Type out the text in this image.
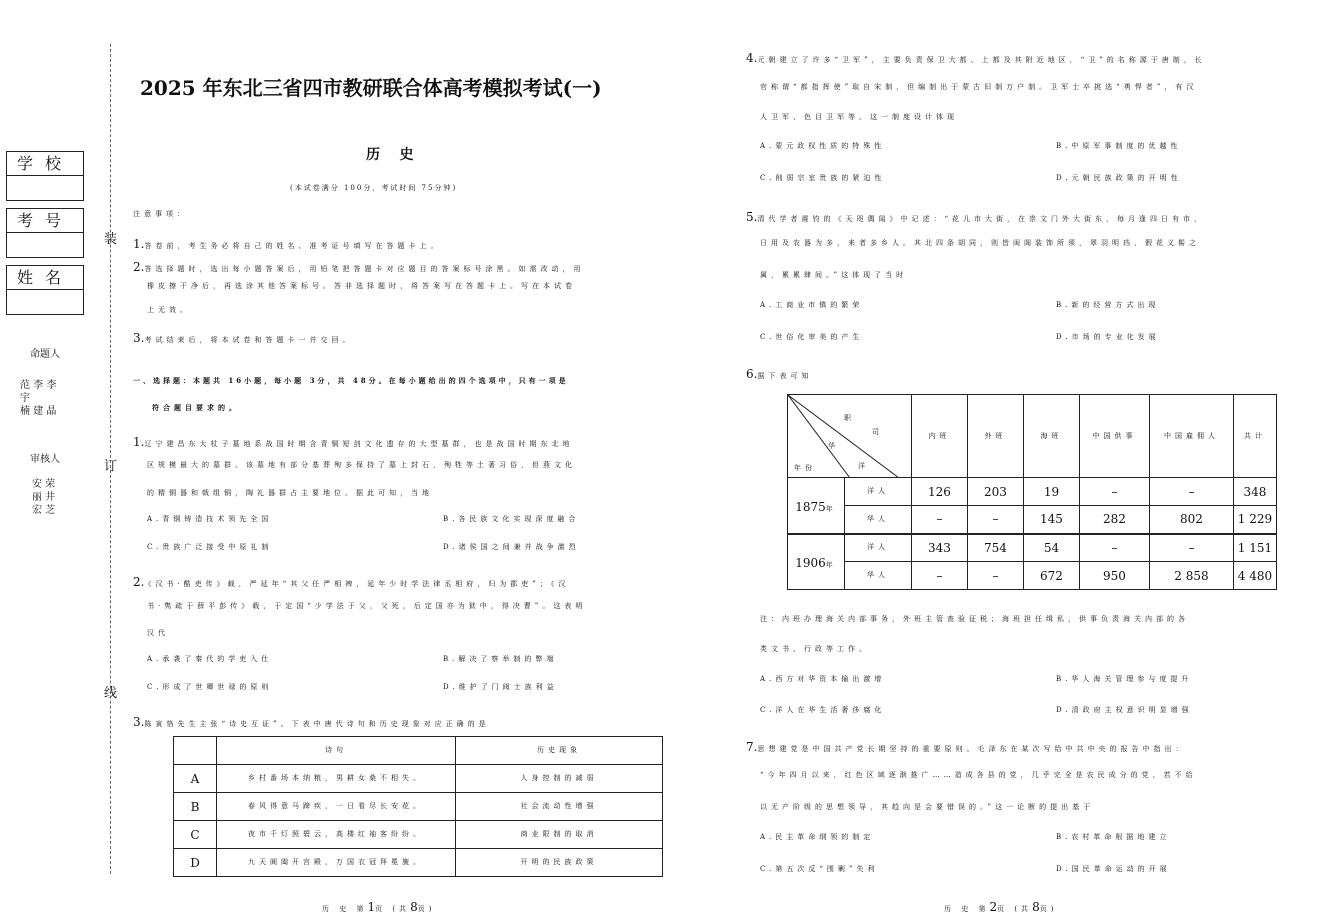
装
订
线
学校
考号
姓名
命题人
范 李 李
宇
楠 建 晶
审核人
安 荣
丽 井
宏 芝
2025 年东北三省四市教研联合体高考模拟考试(一)
历    史
(本试卷满分 100分，考试时间 75分钟)
注意事项：
1.答卷前，考生务必将自己的姓名、准考证号填写在答题卡上。
2.答选择题时，选出每小题答案后，用铅笔把答题卡对应题目的答案标号涂黑。如需改动，用
橡皮擦干净后，再选涂其他答案标号。答非选择题时，将答案写在答题卡上。写在本试卷
上无效。
3.考试结束后，将本试卷和答题卡一并交回。
一、选择题：本题共 16小题，每小题 3分，共 48分。在每小题给出的四个选项中，只有一项是
符合题目要求的。
1.辽宁建昌东大杖子墓地系战国时期含青铜短剑文化遗存的大型墓群，也是战国时期东北地
区规模最大的墓群。该墓地有部分基葬殉多保持了墓上封石，殉牲等土著习俗，但燕文化
的精铜器和戟组铜，陶礼器群占主要地位。据此可知，当地
A.青铜铸造技术领先全国	B.各民族文化实现深度融合
C.贵族广泛接受中原礼制	D.诸侯国之间兼并战争激烈
2.《汉书·酷吏传》载，严延年“其父任严相裨，延年少时学法律丞相府，归为郡吏”；《汉
书·隽疏于薛平彭传》载，于定国“少学法于父，父死，后定国亦为狱中，得决曹”。这表明
汉代
A.承袭了秦代的学吏入仕	B.解决了察举制的弊端
C.形成了世卿世禄的原则	D.维护了门阀士族利益
3.陈寅恪先生主张“诗史互证”。下表中唐代诗句和历史现象对应正确的是
	诗句	历史现象
A	乡村番场本纳粮，男耕女桑不相失。	人身控制的减弱
B	春风得意马蹄疾，一日看尽长安花。	社会流动性增强
C	夜市千灯照碧云，高楼红袖客纷纷。	商业限制的取消
D	九天阊阖开宫殿，万国衣冠拜冕旒。	开明的民族政策
历 史 第1页 (共8页)
4.元朝建立了许多“卫军”，主要负责保卫大都、上都及其附近地区，“卫”的名称源于唐制，长
官称谓“都指挥使”取自宋制，但编制出于蒙古旧制万户制。卫军士卒挑选“勇悍者”，有汉
人卫军、色目卫军等。这一制度设计体现
A.蒙元政权性质的特殊性	B.中原军事制度的优越性
C.削弱宗室贵族的紧迫性	D.元朝民族政策的开明性
5.清代学者震钧的《天咫偶闻》中记述：“花儿市大街，在崇文门外大街东，每月逢四日有市，
日用及农器为多，来者多乡人。其北四条胡同，则皆闺阁装饰所须，翠羽明珰，假花义髻之
属，累累肆间。”这体现了当时
A.工商业市镇的繁荣	B.新的经营方式出现
C.世俗化审美的产生	D.市场的专业化发展
6.据下表可知
职
司
华
洋
年份		内班	外班	海班	中国供事	中国雇佣人	共计
1875年	洋人	126	203	19	–	–	348
	华人	–	–	145	282	802	1 229
1906年	洋人	343	754	54	–	–	1 151
	华人	–	–	672	950	2 858	4 480
注：内班办理海关内部事务，外班主管查验征税；海班担任缉私，供事负责海关内部的各
类文书、行政等工作。
A.西方对华资本输出激增	B.华人海关管理参与度提升
C.洋人在华生活奢侈腐化	D.清政府主权意识明显增强
7.思想建党是中国共产党长期坚持的重要原则。毛泽东在某次写给中共中央的报告中指出：
“今年四月以来，红色区域逐渐推广……造成各县的党，几乎完全是农民成分的党，若不给
以无产阶级的思想领导，其趋向是会要错误的。”这一论断的提出基于
A.民主革命纲领的制定	B.农村革命根据地建立
C.第五次反“围剿”失利	D.国民革命运动的开展
历 史 第2页 (共8页)
